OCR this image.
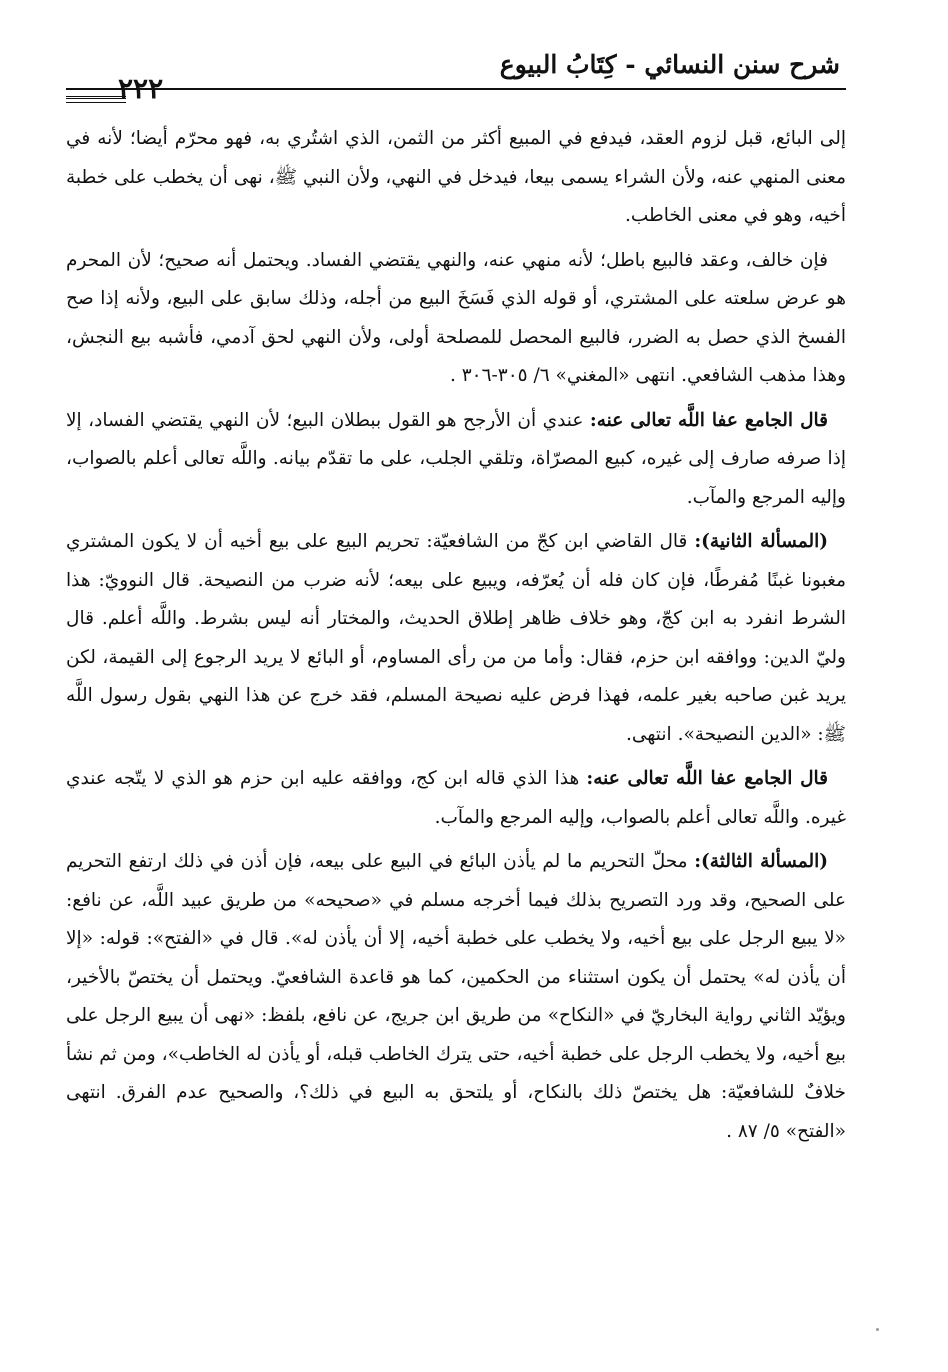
شرح سنن النسائي - كِتَابُ البيوع
٢٢٢

إلى البائع، قبل لزوم العقد، فيدفع في المبيع أكثر من الثمن، الذي اشتُري به، فهو محرّم أيضا؛ لأنه في معنى المنهي عنه، ولأن الشراء يسمى بيعا، فيدخل في النهي، ولأن النبي ﷺ، نهى أن يخطب على خطبة أخيه، وهو في معنى الخاطب.

فإن خالف، وعقد فالبيع باطل؛ لأنه منهي عنه، والنهي يقتضي الفساد. ويحتمل أنه صحيح؛ لأن المحرم هو عرض سلعته على المشتري، أو قوله الذي فَسَخَ البيع من أجله، وذلك سابق على البيع، ولأنه إذا صح الفسخ الذي حصل به الضرر، فالبيع المحصل للمصلحة أولى، ولأن النهي لحق آدمي، فأشبه بيع النجش، وهذا مذهب الشافعي. انتهى «المغني» ٦/ ٣٠٥-٣٠٦ .

قال الجامع عفا اللَّه تعالى عنه: عندي أن الأرجح هو القول ببطلان البيع؛ لأن النهي يقتضي الفساد، إلا إذا صرفه صارف إلى غيره، كبيع المصرّاة، وتلقي الجلب، على ما تقدّم بيانه. واللَّه تعالى أعلم بالصواب، وإليه المرجع والمآب.

(المسألة الثانية): قال القاضي ابن كجّ من الشافعيّة: تحريم البيع على بيع أخيه أن لا يكون المشتري مغبونا غبنًا مُفرطًا، فإن كان فله أن يُعرّفه، ويبيع على بيعه؛ لأنه ضرب من النصيحة. قال النوويّ: هذا الشرط انفرد به ابن كجّ، وهو خلاف ظاهر إطلاق الحديث، والمختار أنه ليس بشرط. واللَّه أعلم. قال وليّ الدين: ووافقه ابن حزم، فقال: وأما من من رأى المساوم، أو البائع لا يريد الرجوع إلى القيمة، لكن يريد غبن صاحبه بغير علمه، فهذا فرض عليه نصيحة المسلم، فقد خرج عن هذا النهي بقول رسول اللَّه ﷺ: «الدين النصيحة». انتهى.

قال الجامع عفا اللَّه تعالى عنه: هذا الذي قاله ابن كج، ووافقه عليه ابن حزم هو الذي لا يتّجه عندي غيره. واللَّه تعالى أعلم بالصواب، وإليه المرجع والمآب.

(المسألة الثالثة): محلّ التحريم ما لم يأذن البائع في البيع على بيعه، فإن أذن في ذلك ارتفع التحريم على الصحيح، وقد ورد التصريح بذلك فيما أخرجه مسلم في «صحيحه» من طريق عبيد اللَّه، عن نافع: «لا يبيع الرجل على بيع أخيه، ولا يخطب على خطبة أخيه، إلا أن يأذن له». قال في «الفتح»: قوله: «إلا أن يأذن له» يحتمل أن يكون استثناء من الحكمين، كما هو قاعدة الشافعيّ. ويحتمل أن يختصّ بالأخير، ويؤيّد الثاني رواية البخاريّ في «النكاح» من طريق ابن جريج، عن نافع، بلفظ: «نهى أن يبيع الرجل على بيع أخيه، ولا يخطب الرجل على خطبة أخيه، حتى يترك الخاطب قبله، أو يأذن له الخاطب»، ومن ثم نشأ خلافٌ للشافعيّة: هل يختصّ ذلك بالنكاح، أو يلتحق به البيع في ذلك؟، والصحيح عدم الفرق. انتهى «الفتح» ٥/ ٨٧ .
